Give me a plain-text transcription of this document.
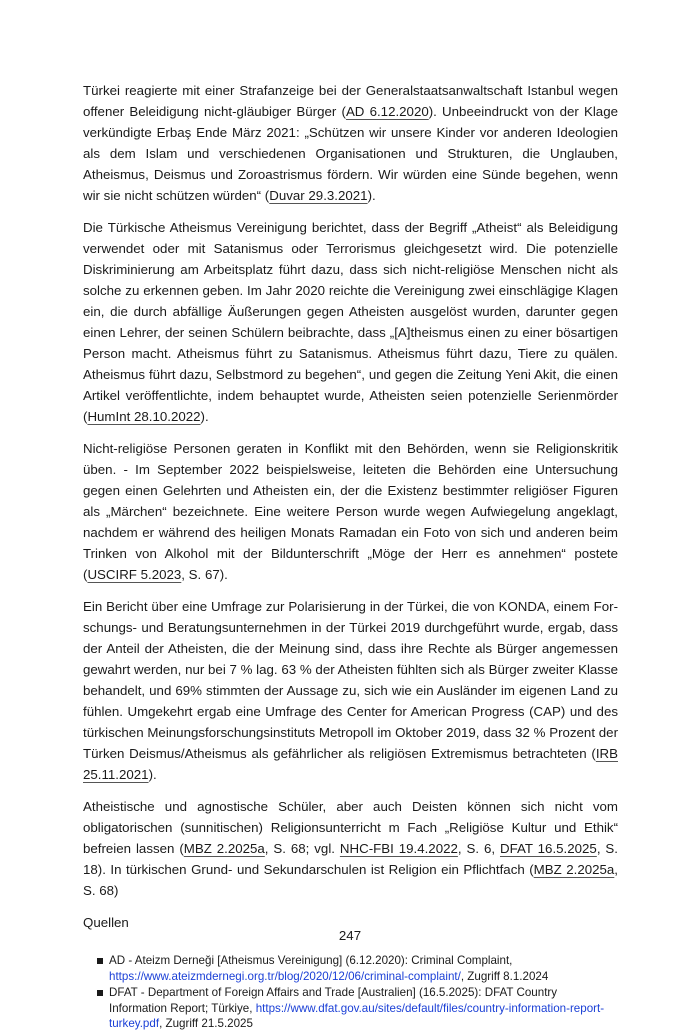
Türkei reagierte mit einer Strafanzeige bei der Generalstaatsanwaltschaft Istanbul wegen offener Beleidigung nicht-gläubiger Bürger (AD 6.12.2020). Unbeeindruckt von der Klage verkündigte Erbaş Ende März 2021: „Schützen wir unsere Kinder vor anderen Ideologien als dem Islam und verschiedenen Organisationen und Strukturen, die Unglauben, Atheismus, Deismus und Zoroastrismus fördern. Wir würden eine Sünde begehen, wenn wir sie nicht schützen würden“ (Duvar 29.3.2021).

Die Türkische Atheismus Vereinigung berichtet, dass der Begriff „Atheist“ als Beleidigung verwendet oder mit Satanismus oder Terrorismus gleichgesetzt wird. Die potenzielle Diskriminierung am Arbeitsplatz führt dazu, dass sich nicht-religiöse Menschen nicht als solche zu erkennen geben. Im Jahr 2020 reichte die Vereinigung zwei einschlägige Klagen ein, die durch abfällige Äußerungen gegen Atheisten ausgelöst wurden, darunter gegen einen Lehrer, der seinen Schülern beibrachte, dass „[A]theismus einen zu einer bösartigen Person macht. Atheismus führt zu Satanismus. Atheismus führt dazu, Tiere zu quälen. Atheismus führt dazu, Selbstmord zu begehen“, und gegen die Zeitung Yeni Akit, die einen Artikel veröffentlichte, indem behauptet wurde, Atheisten seien potenzielle Serienmörder (HumInt 28.10.2022).

Nicht-religiöse Personen geraten in Konflikt mit den Behörden, wenn sie Religionskritik üben. - Im September 2022 beispielsweise, leiteten die Behörden eine Untersuchung gegen einen Gelehrten und Atheisten ein, der die Existenz bestimmter religiöser Figuren als „Märchen“ bezeichnete. Eine weitere Person wurde wegen Aufwiegelung angeklagt, nachdem er während des heiligen Monats Ramadan ein Foto von sich und anderen beim Trinken von Alkohol mit der Bildunterschrift „Möge der Herr es annehmen“ postete (USCIRF 5.2023, S. 67).

Ein Bericht über eine Umfrage zur Polarisierung in der Türkei, die von KONDA, einem Forschungs- und Beratungsunternehmen in der Türkei 2019 durchgeführt wurde, ergab, dass der Anteil der Atheisten, die der Meinung sind, dass ihre Rechte als Bürger angemessen gewahrt werden, nur bei 7 % lag. 63 % der Atheisten fühlten sich als Bürger zweiter Klasse behandelt, und 69% stimmten der Aussage zu, sich wie ein Ausländer im eigenen Land zu fühlen. Umgekehrt ergab eine Umfrage des Center for American Progress (CAP) und des türkischen Meinungsforschungsinstituts Metropoll im Oktober 2019, dass 32 % Prozent der Türken Deismus/Atheismus als gefährlicher als religiösen Extremismus betrachteten (IRB 25.11.2021).

Atheistische und agnostische Schüler, aber auch Deisten können sich nicht vom obligatorischen (sunnitischen) Religionsunterricht m Fach „Religiöse Kultur und Ethik“ befreien lassen (MBZ 2.2025a, S. 68; vgl. NHC-FBI 19.4.2022, S. 6, DFAT 16.5.2025, S. 18). In türkischen Grund- und Sekundarschulen ist Religion ein Pflichtfach (MBZ 2.2025a, S. 68)

Quellen
AD - Ateizm Derneği [Atheismus Vereinigung] (6.12.2020): Criminal Complaint, https://www.ateizmdernegi.org.tr/blog/2020/12/06/criminal-complaint/, Zugriff 8.1.2024
DFAT - Department of Foreign Affairs and Trade [Australien] (16.5.2025): DFAT Country Information Report; Türkiye, https://www.dfat.gov.au/sites/default/files/country-information-report-turkey.pdf, Zugriff 21.5.2025
247
